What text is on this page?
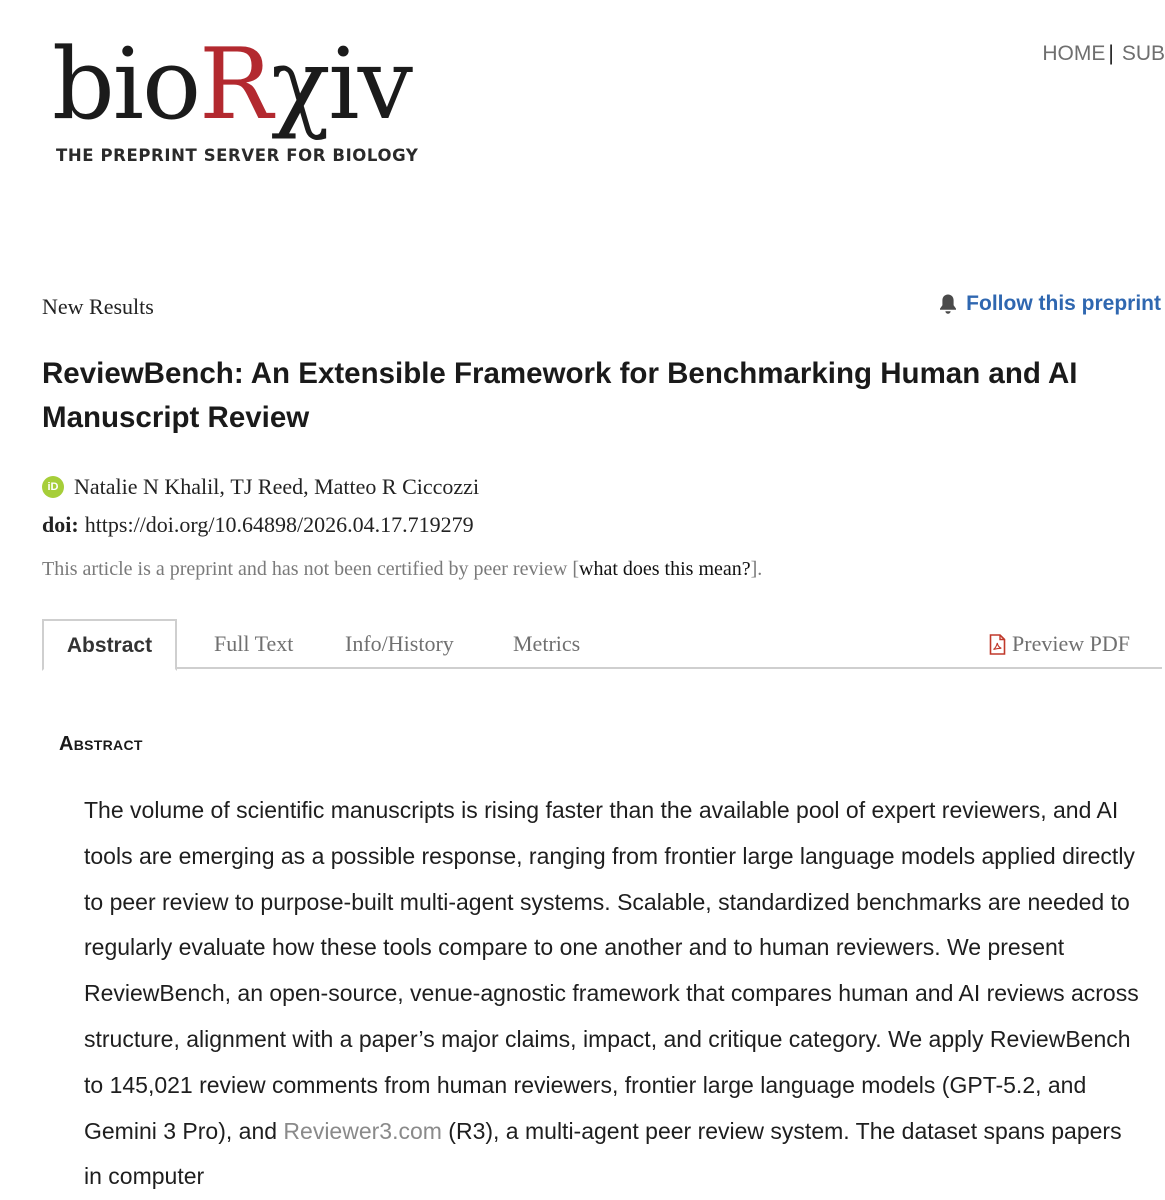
bioRχiv
THE PREPRINT SERVER FOR BIOLOGY
HOME | SUB
New Results	Follow this preprint
ReviewBench: An Extensible Framework for Benchmarking Human and AI Manuscript Review
iD Natalie N Khalil,
TJ Reed,
Matteo R Ciccozzi
doi: https://doi.org/10.64898/2026.04.17.719279
This article is a preprint and has not been certified by peer review [what does this mean?].
Abstract	Full Text Info/History	Metrics	Preview PDF
Abstract

The volume of scientific manuscripts is rising faster than the available pool of expert reviewers, and AI tools are emerging as a possible response, ranging from frontier large language models applied directly to peer review to purpose-built multi-agent systems. Scalable, standardized benchmarks are needed to regularly evaluate how these tools compare to one another and to human reviewers. We present ReviewBench, an open-source, venue-agnostic framework that compares human and AI reviews across structure, alignment with a paper’s major claims, impact, and critique category. We apply ReviewBench to 145,021 review comments from human reviewers, frontier large language models (GPT-5.2, and Gemini 3 Pro), and Reviewer3.com (R3), a multi-agent peer review system. The dataset spans papers in computer
